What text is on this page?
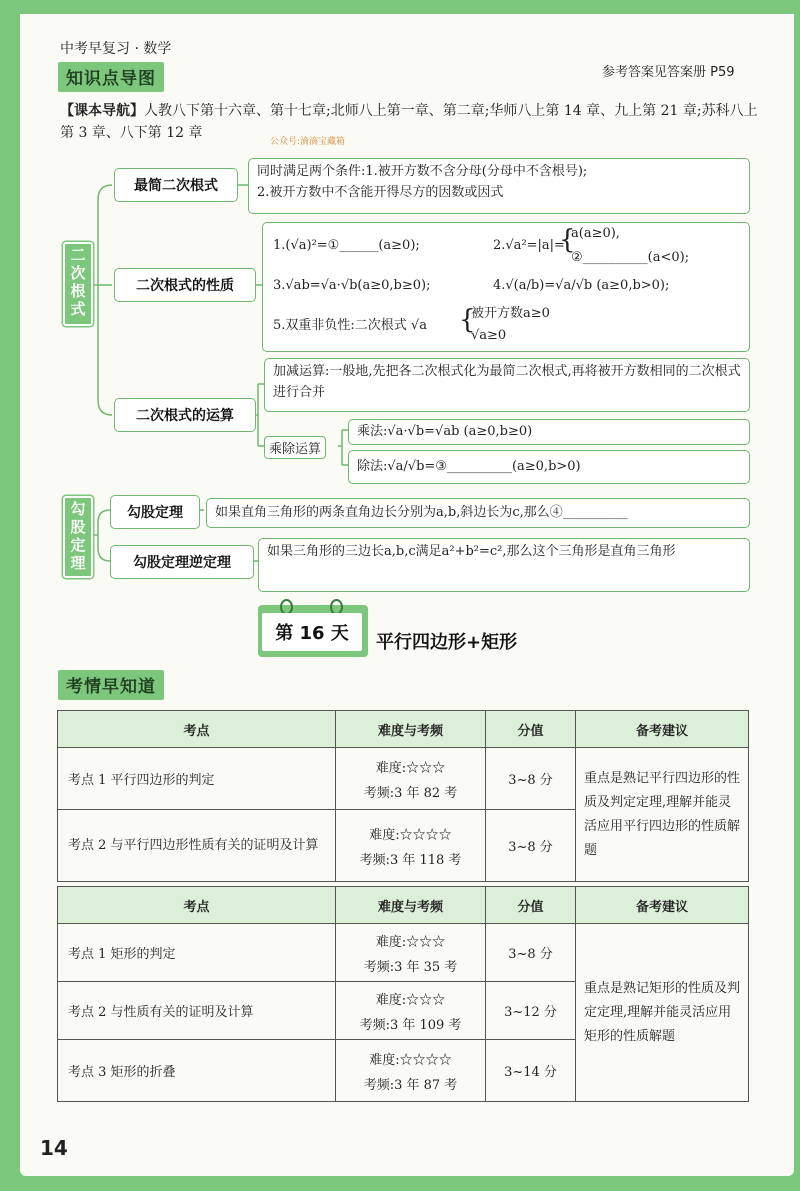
中考早复习 · 数学
知识点导图	参考答案见答案册 P59
【课本导航】人教八下第十六章、第十七章;北师八上第一章、第二章;华师八上第 14 章、九上第 21 章;苏科八上第 3 章、八下第 12 章
公众号:滴滴宝藏箱
二次根式
最简二次根式
同时满足两个条件:1.被开方数不含分母(分母中不含根号);
2.被开方数中不含能开得尽方的因数或因式
二次根式的性质
1.(√a)²=①______(a≥0);	2.√a²=|a|=
{
a(a≥0),
②__________(a<0);
3.√ab=√a·√b(a≥0,b≥0);	4.√(a/b)=√a/√b (a≥0,b>0);
5.双重非负性:二次根式 √a {
被开方数a≥0
√a≥0
二次根式的运算
加减运算:一般地,先把各二次根式化为最简二次根式,再将被开方数相同的二次根式进行合并
乘除运算
乘法:√a·√b=√ab (a≥0,b≥0)
除法:√a/√b=③__________(a≥0,b>0)
勾股定理
勾股定理 如果直角三角形的两条直角边长分别为a,b,斜边长为c,那么④__________
勾股定理逆定理
如果三角形的三边长a,b,c满足a²+b²=c²,那么这个三角形是直角三角形
第 16 天	平行四边形+矩形
考情早知道
考点	难度与考频	分值	备考建议
考点 1 平行四边形的判定	难度:☆☆☆
考频:3 年 82 考	3~8 分	重点是熟记平行四边形的性质及判定定理,理解并能灵活应用平行四边形的性质解题
考点 2 与平行四边形性质有关的证明及计算	难度:☆☆☆☆
考频:3 年 118 考	3~8 分	
考点	难度与考频	分值	备考建议
考点 1 矩形的判定	难度:☆☆☆
考频:3 年 35 考	3~8 分	重点是熟记矩形的性质及判定定理,理解并能灵活应用矩形的性质解题
考点 2 与性质有关的证明及计算	难度:☆☆☆
考频:3 年 109 考	3~12 分	
考点 3 矩形的折叠	难度:☆☆☆☆
考频:3 年 87 考	3~14 分	
14
